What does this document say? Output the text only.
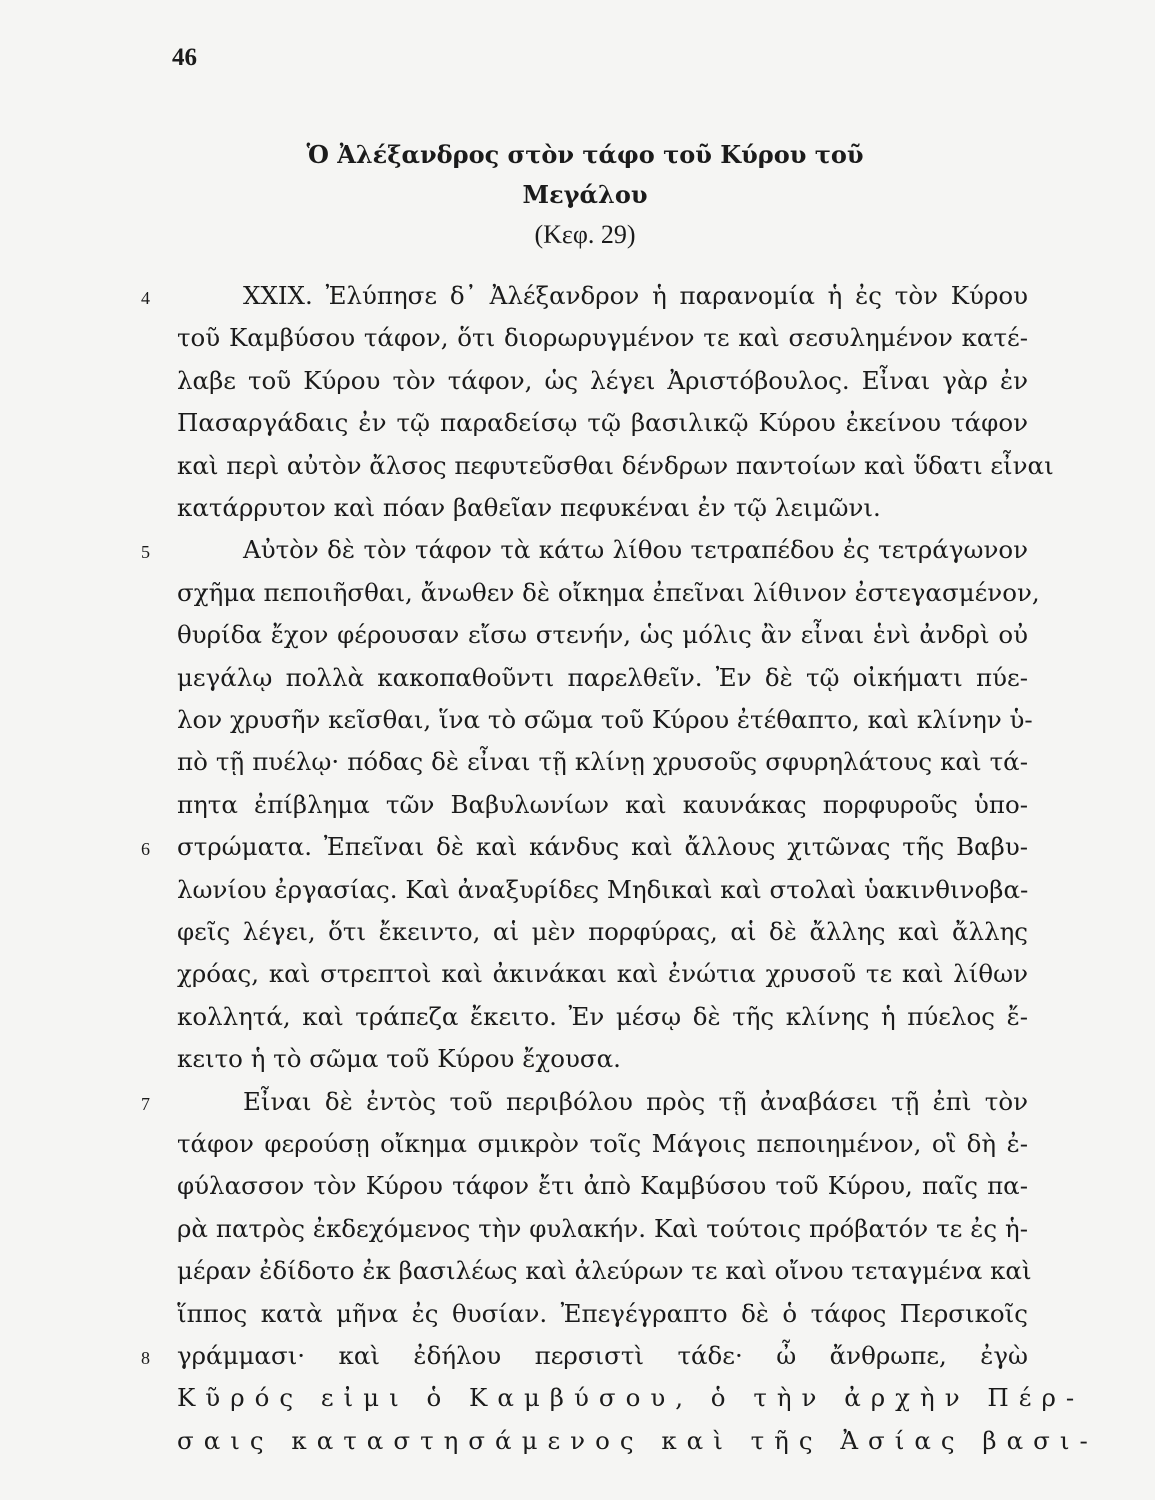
46
Ὁ Ἀλέξανδρος στὸν τάφο τοῦ Κύρου τοῦ Μεγάλου
(Κεφ. 29)
4
5
6
7
8
XXIX. Ἐλύπησε δ᾽ Ἀλέξανδρον ἡ παρανομία ἡ ἐς τὸν Κύρου
τοῦ Καμβύσου τάφον, ὅτι διορωρυγμένον τε καὶ σεσυλημένον κατέ-
λαβε τοῦ Κύρου τὸν τάφον, ὡς λέγει Ἀριστόβουλος. Εἶναι γὰρ ἐν
Πασαργάδαις ἐν τῷ παραδείσῳ τῷ βασιλικῷ Κύρου ἐκείνου τάφον
καὶ περὶ αὐτὸν ἄλσος πεφυτεῦσθαι δένδρων παντοίων καὶ ὕδατι εἶναι
κατάρρυτον καὶ πόαν βαθεῖαν πεφυκέναι ἐν τῷ λειμῶνι.
Αὐτὸν δὲ τὸν τάφον τὰ κάτω λίθου τετραπέδου ἐς τετράγωνον
σχῆμα πεποιῆσθαι, ἄνωθεν δὲ οἴκημα ἐπεῖναι λίθινον ἐστεγασμένον,
θυρίδα ἔχον φέρουσαν εἴσω στενήν, ὡς μόλις ἂν εἶναι ἑνὶ ἀνδρὶ οὐ
μεγάλῳ πολλὰ κακοπαθοῦντι παρελθεῖν. Ἐν δὲ τῷ οἰκήματι πύε-
λον χρυσῆν κεῖσθαι, ἵνα τὸ σῶμα τοῦ Κύρου ἐτέθαπτο, καὶ κλίνην ὑ-
πὸ τῇ πυέλῳ· πόδας δὲ εἶναι τῇ κλίνῃ χρυσοῦς σφυρηλάτους καὶ τά-
πητα ἐπίβλημα τῶν Βαβυλωνίων καὶ καυνάκας πορφυροῦς ὑπο-
στρώματα. Ἐπεῖναι δὲ καὶ κάνδυς καὶ ἄλλους χιτῶνας τῆς Βαβυ-
λωνίου ἐργασίας. Καὶ ἀναξυρίδες Μηδικαὶ καὶ στολαὶ ὑακινθινοβα-
φεῖς λέγει, ὅτι ἔκειντο, αἱ μὲν πορφύρας, αἱ δὲ ἄλλης καὶ ἄλλης
χρόας, καὶ στρεπτοὶ καὶ ἀκινάκαι καὶ ἐνώτια χρυσοῦ τε καὶ λίθων
κολλητά, καὶ τράπεζα ἔκειτο. Ἐν μέσῳ δὲ τῆς κλίνης ἡ πύελος ἔ-
κειτο ἡ τὸ σῶμα τοῦ Κύρου ἔχουσα.
Εἶναι δὲ ἐντὸς τοῦ περιβόλου πρὸς τῇ ἀναβάσει τῇ ἐπὶ τὸν
τάφον φερούσῃ οἴκημα σμικρὸν τοῖς Μάγοις πεποιημένον, οἳ δὴ ἐ-
φύλασσον τὸν Κύρου τάφον ἔτι ἀπὸ Καμβύσου τοῦ Κύρου, παῖς πα-
ρὰ πατρὸς ἐκδεχόμενος τὴν φυλακήν. Καὶ τούτοις πρόβατόν τε ἐς ἡ-
μέραν ἐδίδοτο ἐκ βασιλέως καὶ ἀλεύρων τε καὶ οἴνου τεταγμένα καὶ
ἵππος κατὰ μῆνα ἐς θυσίαν. Ἐπεγέγραπτο δὲ ὁ τάφος Περσικοῖς
γράμμασι· καὶ ἐδήλου περσιστὶ τάδε· ὦ ἄνθρωπε, ἐγὼ
Κῦρός εἰμι ὁ Καμβύσου, ὁ τὴν ἀρχὴν Πέρ-
σαις καταστησάμενος καὶ τῆς Ἀσίας βασι-
